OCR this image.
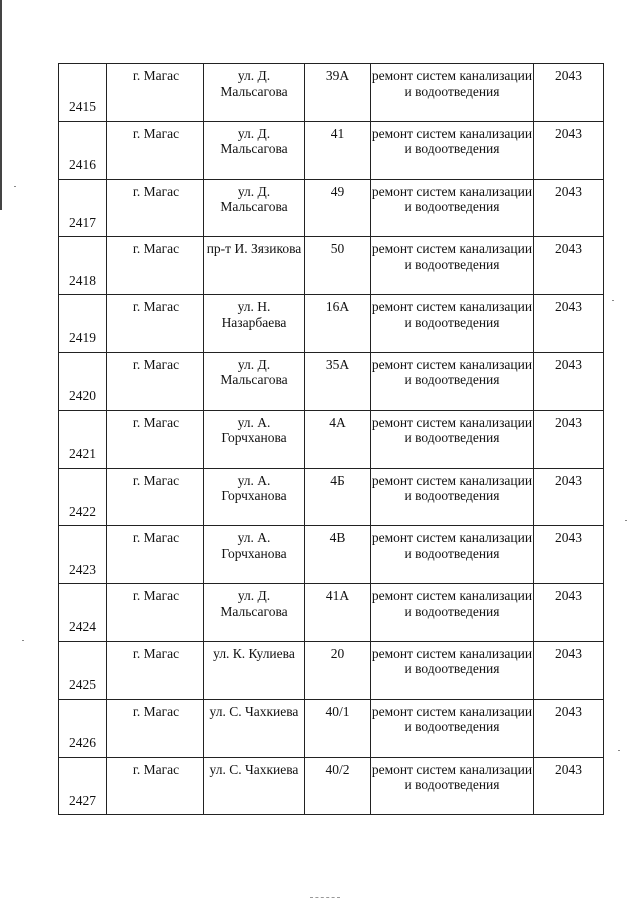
2415	г. Магас	ул. Д. Мальсагова	39А	ремонт систем канализации и водоотведения	2043
2416	г. Магас	ул. Д. Мальсагова	41	ремонт систем канализации и водоотведения	2043
2417	г. Магас	ул. Д. Мальсагова	49	ремонт систем канализации и водоотведения	2043
2418	г. Магас	пр-т И. Зязикова	50	ремонт систем канализации и водоотведения	2043
2419	г. Магас	ул. Н. Назарбаева	16А	ремонт систем канализации и водоотведения	2043
2420	г. Магас	ул. Д. Мальсагова	35А	ремонт систем канализации и водоотведения	2043
2421	г. Магас	ул. А. Горчханова	4А	ремонт систем канализации и водоотведения	2043
2422	г. Магас	ул. А. Горчханова	4Б	ремонт систем канализации и водоотведения	2043
2423	г. Магас	ул. А. Горчханова	4В	ремонт систем канализации и водоотведения	2043
2424	г. Магас	ул. Д. Мальсагова	41А	ремонт систем канализации и водоотведения	2043
2425	г. Магас	ул. К. Кулиева	20	ремонт систем канализации и водоотведения	2043
2426	г. Магас	ул. С. Чахкиева	40/1	ремонт систем канализации и водоотведения	2043
2427	г. Магас	ул. С. Чахкиева	40/2	ремонт систем канализации и водоотведения	2043
